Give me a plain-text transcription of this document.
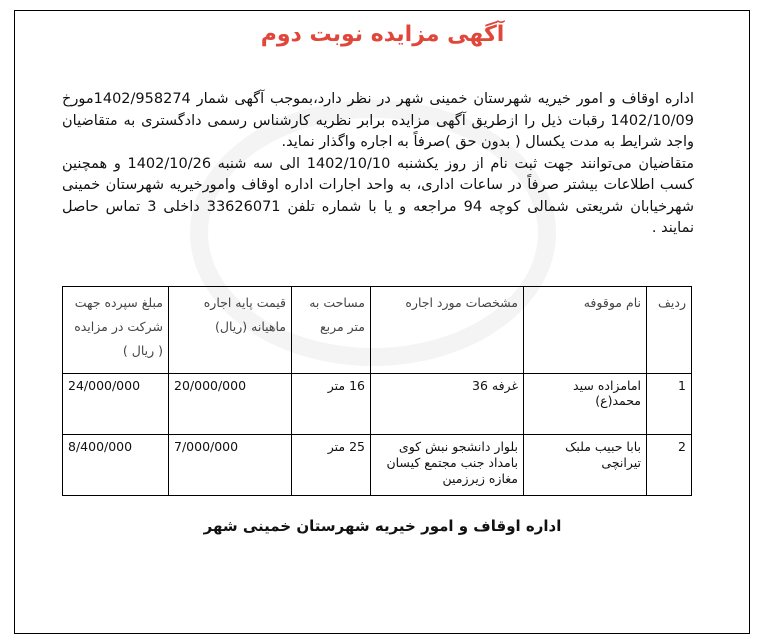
آگهی مزایده نوبت دوم

اداره اوقاف و امور خیریه شهرستان خمینی شهر در نظر دارد،بموجب آگهی شمار 1402/958274مورخ 1402/10/09 رقبات ذیل را ازطریق آگهی مزایده برابر نظریه کارشناس رسمی دادگستری به متقاضیان واجد شرایط به مدت یکسال ( بدون حق )صرفاً به اجاره واگذار نماید.

متقاضیان می‌توانند جهت ثبت نام از روز یکشنبه 1402/10/10 الی سه شنبه 1402/10/26 و همچنین کسب اطلاعات بیشتر صرفاً در ساعات اداری، به واحد اجارات اداره اوقاف وامورخیریه شهرستان خمینی شهرخیابان شریعتی شمالی کوچه 94 مراجعه و یا با شماره تلفن 33626071 داخلی 3 تماس حاصل نمایند .

ردیف	نام موقوفه	مشخصات مورد اجاره	مساحت به متر مربع	قیمت پایه اجاره ماهیانه (ریال)	مبلغ سپرده جهت شرکت در مزایده ( ریال )
1	امامزاده سید محمد(ع)	غرفه 36	16 متر	20/000/000	24/000/000
2	بابا حبیب ملبک تیرانچی	بلوار دانشجو نبش کوی بامداد جنب مجتمع کیسان مغازه زیرزمین	25 متر	7/000/000	8/400/000
اداره اوقاف و امور خیریه شهرستان خمینی شهر
